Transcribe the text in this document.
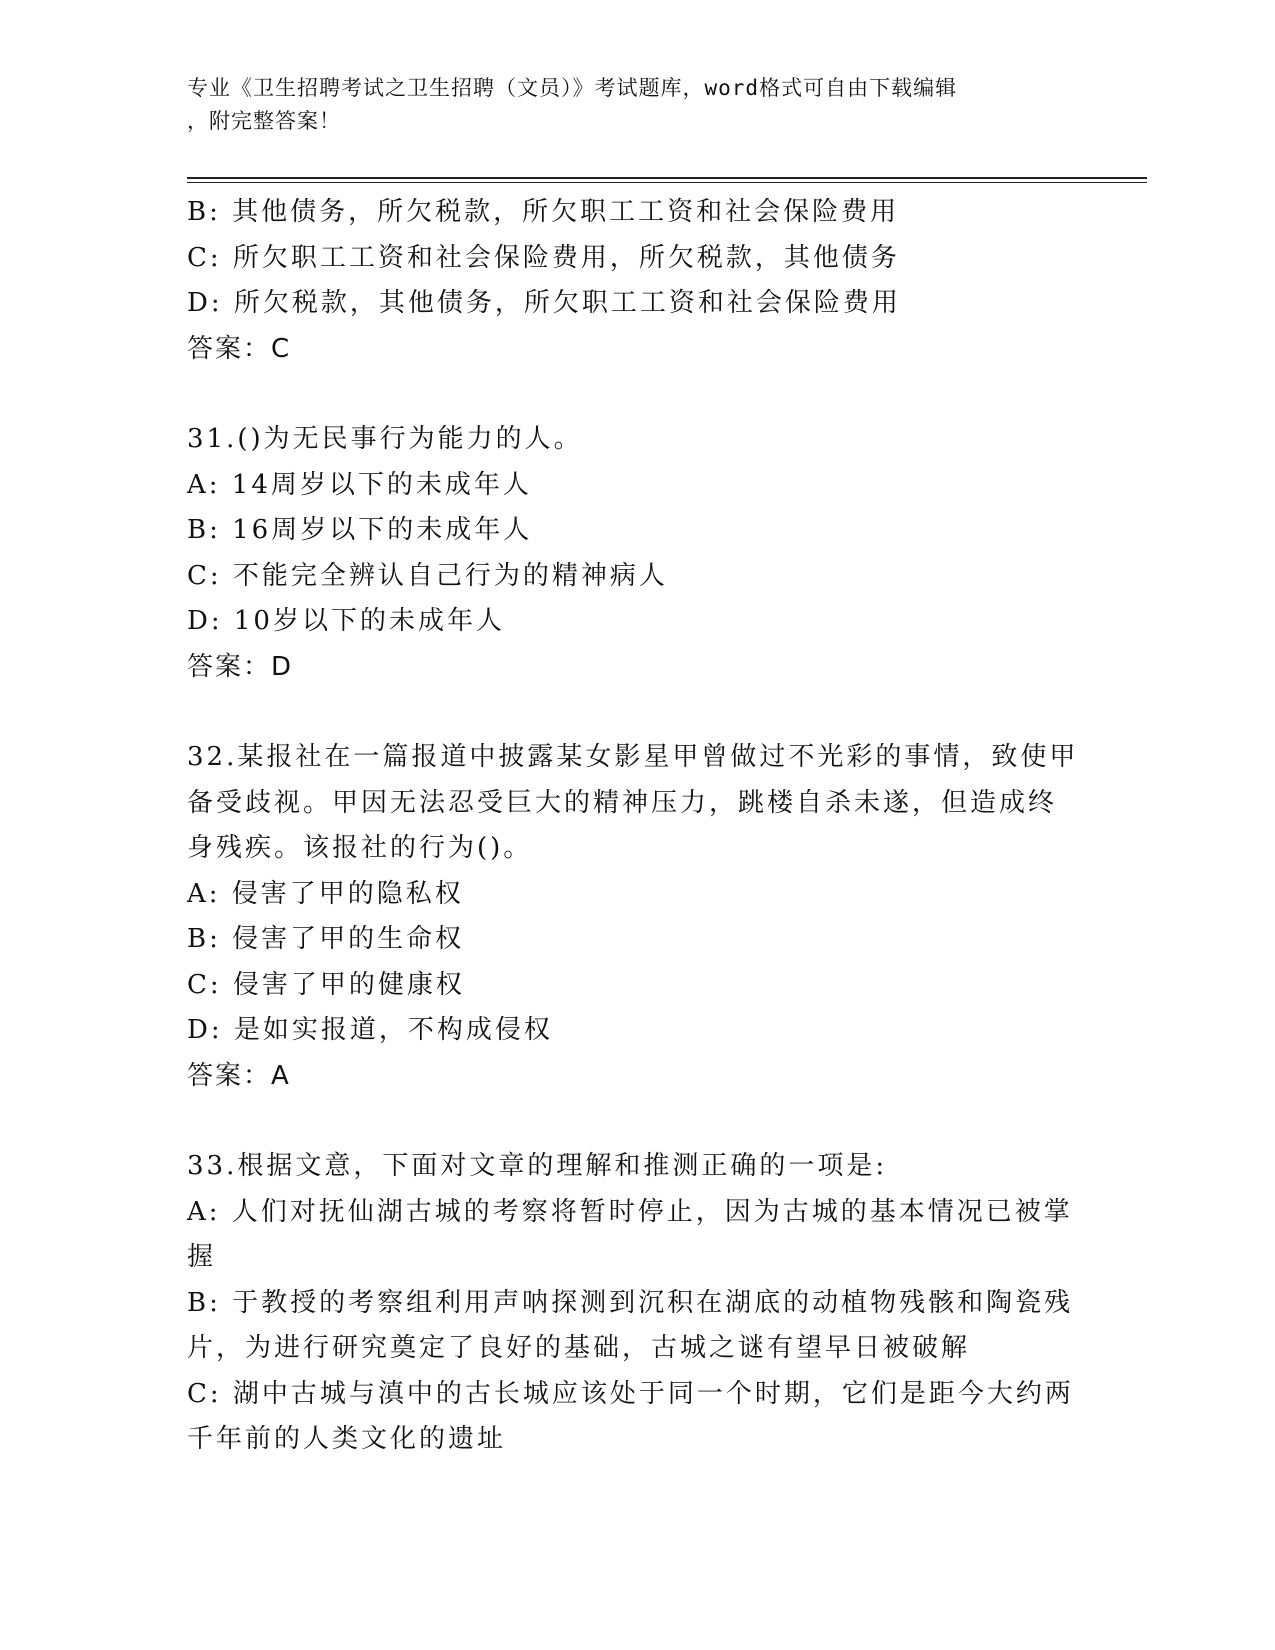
专业《卫生招聘考试之卫生招聘（文员）》考试题库，word格式可自由下载编辑
，附完整答案！
B: 其他债务，所欠税款，所欠职工工资和社会保险费用
C: 所欠职工工资和社会保险费用，所欠税款，其他债务
D: 所欠税款，其他债务，所欠职工工资和社会保险费用
答案：C
31.()为无民事行为能力的人。
A: 14周岁以下的未成年人
B: 16周岁以下的未成年人
C: 不能完全辨认自己行为的精神病人
D: 10岁以下的未成年人
答案：D
32.某报社在一篇报道中披露某女影星甲曾做过不光彩的事情，致使甲
备受歧视。甲因无法忍受巨大的精神压力，跳楼自杀未遂，但造成终
身残疾。该报社的行为()。
A: 侵害了甲的隐私权
B: 侵害了甲的生命权
C: 侵害了甲的健康权
D: 是如实报道，不构成侵权
答案：A
33.根据文意，下面对文章的理解和推测正确的一项是:
A: 人们对抚仙湖古城的考察将暂时停止，因为古城的基本情况已被掌
握
B: 于教授的考察组利用声呐探测到沉积在湖底的动植物残骸和陶瓷残
片，为进行研究奠定了良好的基础，古城之谜有望早日被破解
C: 湖中古城与滇中的古长城应该处于同一个时期，它们是距今大约两
千年前的人类文化的遗址
